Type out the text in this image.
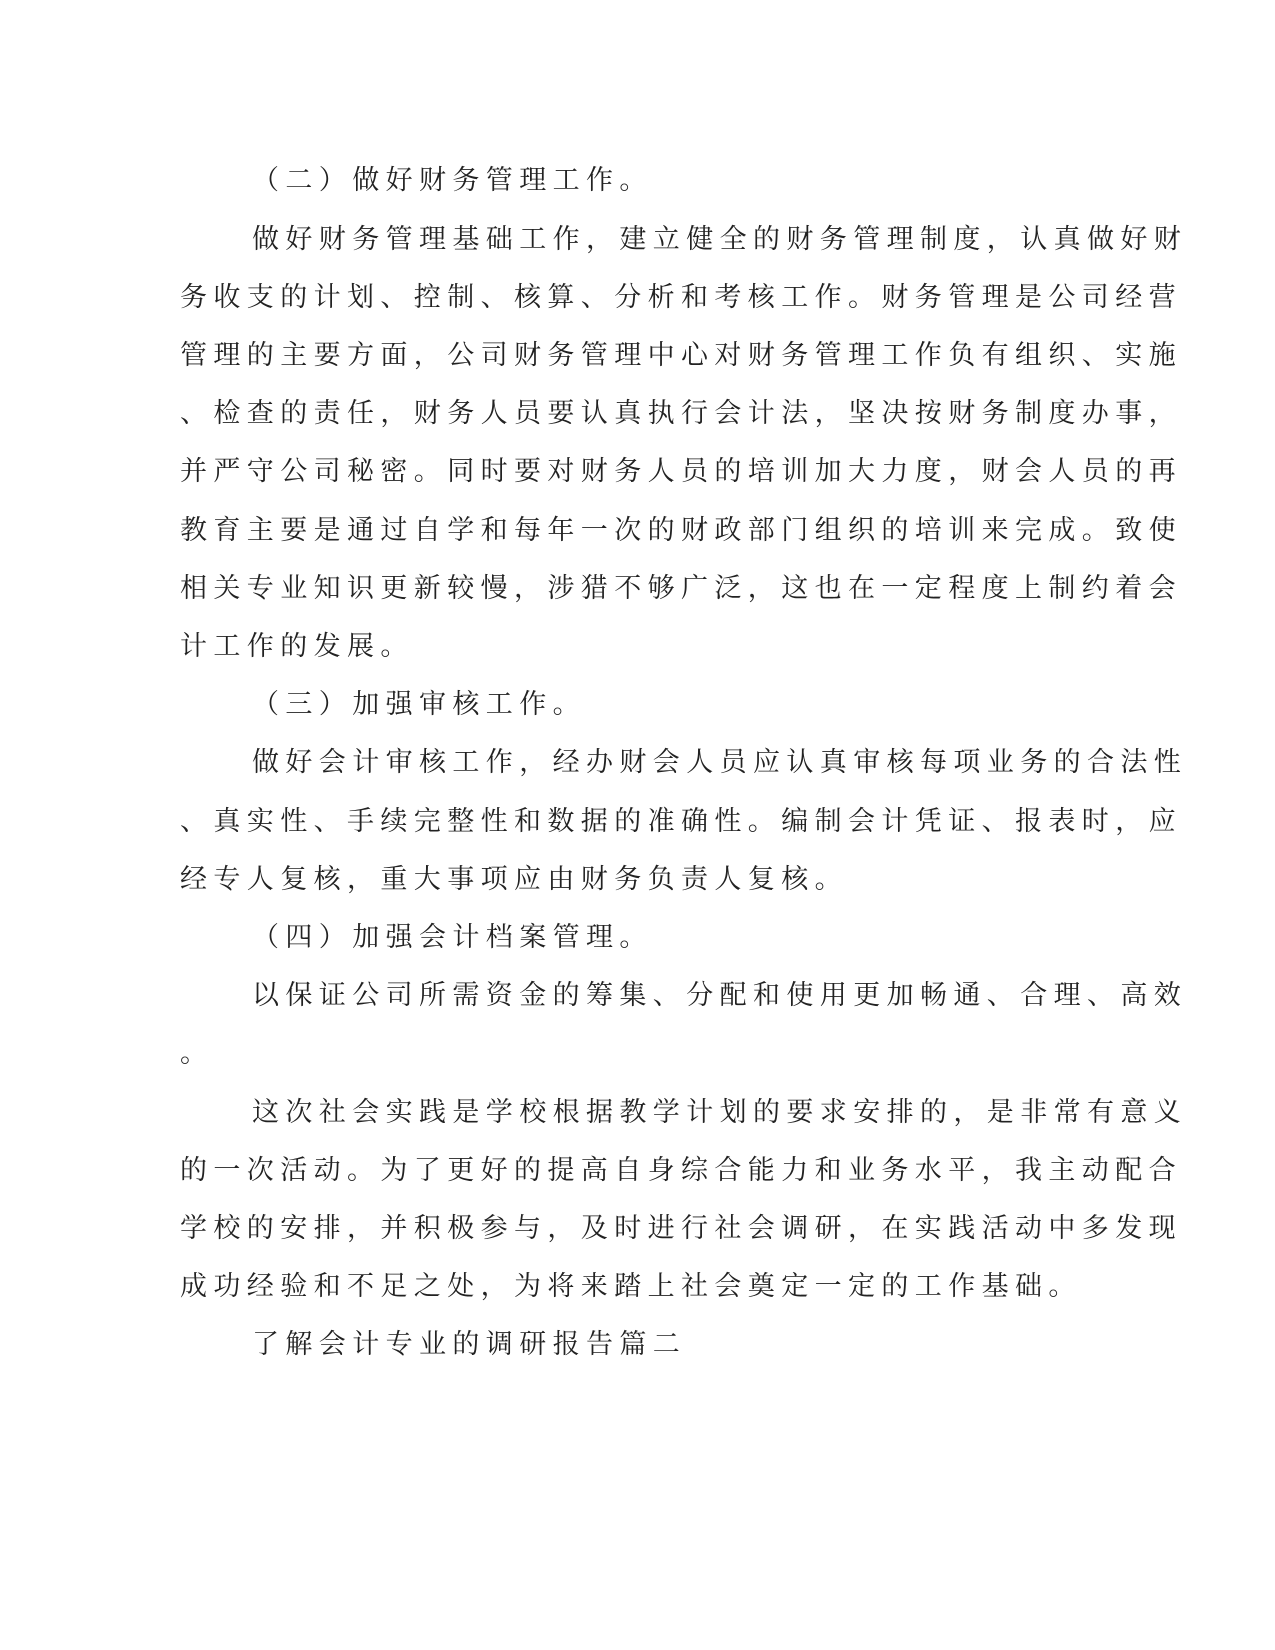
（二）做好财务管理工作。
做好财务管理基础工作，建立健全的财务管理制度，认真做好财
务收支的计划、控制、核算、分析和考核工作。财务管理是公司经营
管理的主要方面，公司财务管理中心对财务管理工作负有组织、实施
、检查的责任，财务人员要认真执行会计法，坚决按财务制度办事，
并严守公司秘密。同时要对财务人员的培训加大力度，财会人员的再
教育主要是通过自学和每年一次的财政部门组织的培训来完成。致使
相关专业知识更新较慢，涉猎不够广泛，这也在一定程度上制约着会
计工作的发展。
（三）加强审核工作。
做好会计审核工作，经办财会人员应认真审核每项业务的合法性
、真实性、手续完整性和数据的准确性。编制会计凭证、报表时，应
经专人复核，重大事项应由财务负责人复核。
（四）加强会计档案管理。
以保证公司所需资金的筹集、分配和使用更加畅通、合理、高效
。
这次社会实践是学校根据教学计划的要求安排的，是非常有意义
的一次活动。为了更好的提高自身综合能力和业务水平，我主动配合
学校的安排，并积极参与，及时进行社会调研，在实践活动中多发现
成功经验和不足之处，为将来踏上社会奠定一定的工作基础。
了解会计专业的调研报告篇二
